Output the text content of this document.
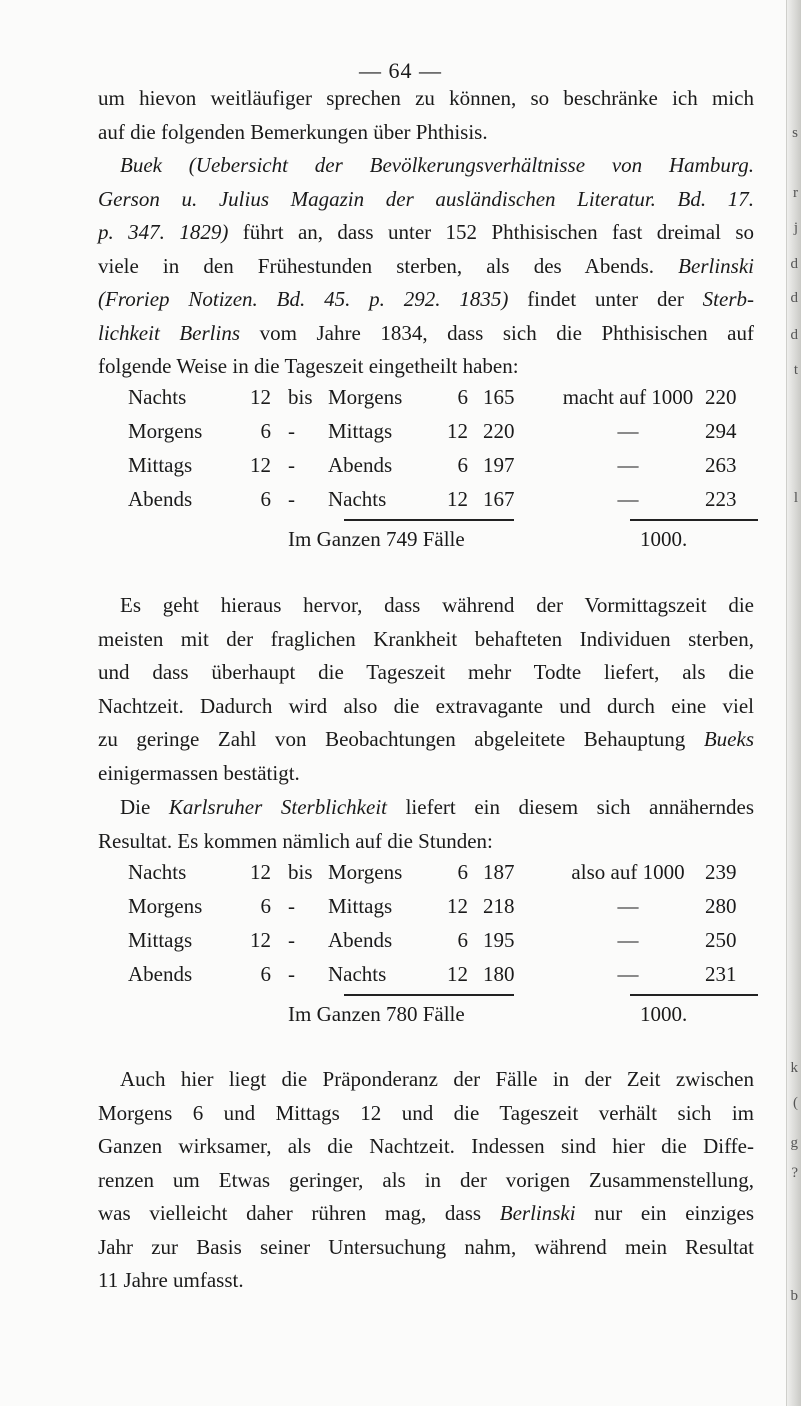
— 64 —
um hievon weitläufiger sprechen zu können, so beschränke ich mich
auf die folgenden Bemerkungen über Phthisis.
Buek (Uebersicht der Bevölkerungsverhältnisse von Hamburg.
Gerson u. Julius Magazin der ausländischen Literatur. Bd. 17.
p. 347. 1829) führt an, dass unter 152 Phthisischen fast dreimal so
viele in den Frühestunden sterben, als des Abends. Berlinski
(Froriep Notizen. Bd. 45. p. 292. 1835) findet unter der Sterb-
lichkeit Berlins vom Jahre 1834, dass sich die Phthisischen auf
folgende Weise in die Tageszeit eingetheilt haben:
Nachts	12 bis Morgens	6 165 macht auf 1000 220
Morgens	6 - Mittags	12 220	—	294
Mittags	12 - Abends	6 197	—	263
Abends	6 - Nachts	12 167	—	223
Im Ganzen 749 Fälle	1000.
Es geht hieraus hervor, dass während der Vormittagszeit die
meisten mit der fraglichen Krankheit behafteten Individuen sterben,
und dass überhaupt die Tageszeit mehr Todte liefert, als die
Nachtzeit. Dadurch wird also die extravagante und durch eine viel
zu geringe Zahl von Beobachtungen abgeleitete Behauptung Bueks
einigermassen bestätigt.
Die Karlsruher Sterblichkeit liefert ein diesem sich annäherndes
Resultat. Es kommen nämlich auf die Stunden:
Nachts	12 bis Morgens	6 187	also auf 1000 239
Morgens	6 - Mittags	12 218	—	280
Mittags	12 - Abends	6 195	—	250
Abends	6 - Nachts	12 180	—	231
Im Ganzen 780 Fälle	1000.
Auch hier liegt die Präponderanz der Fälle in der Zeit zwischen
Morgens 6 und Mittags 12 und die Tageszeit verhält sich im
Ganzen wirksamer, als die Nachtzeit. Indessen sind hier die Diffe-
renzen um Etwas geringer, als in der vorigen Zusammenstellung,
was vielleicht daher rühren mag, dass Berlinski nur ein einziges
Jahr zur Basis seiner Untersuchung nahm, während mein Resultat
11 Jahre umfasst.
s
r
j
d
d
d
t
l
k
(
g
?
b
